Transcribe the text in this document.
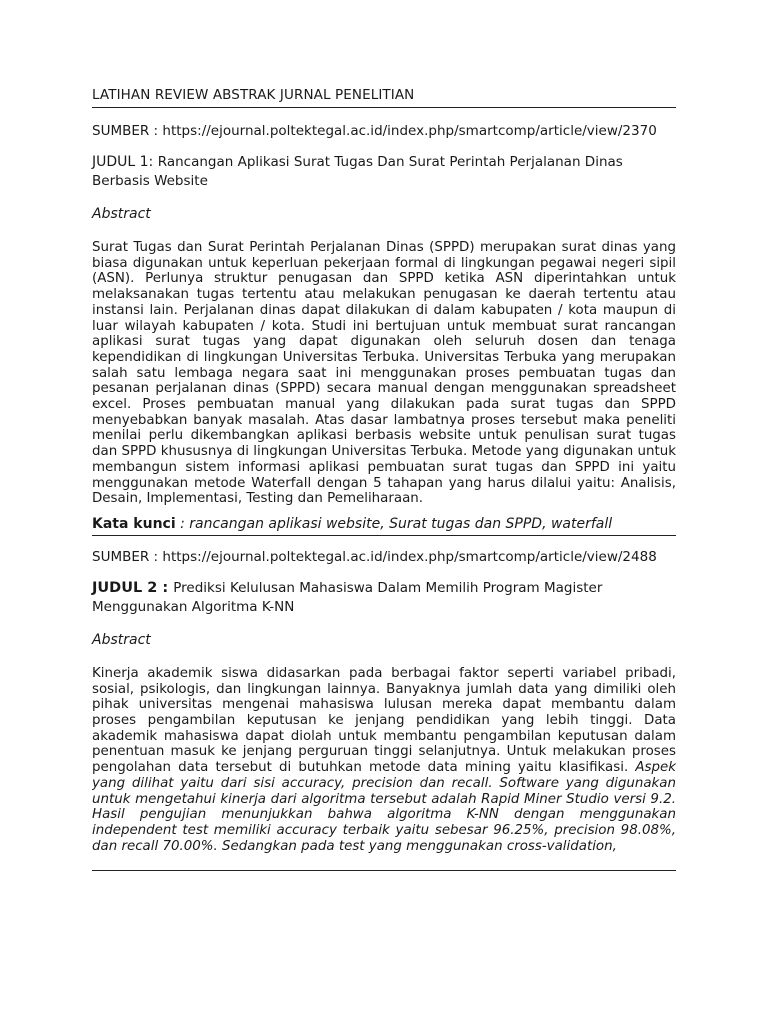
LATIHAN REVIEW ABSTRAK JURNAL PENELITIAN
SUMBER : https://ejournal.poltektegal.ac.id/index.php/smartcomp/article/view/2370
JUDUL 1: Rancangan Aplikasi Surat Tugas Dan Surat Perintah Perjalanan Dinas Berbasis Website
Abstract
Surat Tugas dan Surat Perintah Perjalanan Dinas (SPPD) merupakan surat dinas yang biasa digunakan untuk keperluan pekerjaan formal di lingkungan pegawai negeri sipil (ASN). Perlunya struktur penugasan dan SPPD ketika ASN diperintahkan untuk melaksanakan tugas tertentu atau melakukan penugasan ke daerah tertentu atau instansi lain. Perjalanan dinas dapat dilakukan di dalam kabupaten / kota maupun di luar wilayah kabupaten / kota. Studi ini bertujuan untuk membuat surat rancangan aplikasi surat tugas yang dapat digunakan oleh seluruh dosen dan tenaga kependidikan di lingkungan Universitas Terbuka. Universitas Terbuka yang merupakan salah satu lembaga negara saat ini menggunakan proses pembuatan tugas dan pesanan perjalanan dinas (SPPD) secara manual dengan menggunakan spreadsheet excel. Proses pembuatan manual yang dilakukan pada surat tugas dan SPPD menyebabkan banyak masalah. Atas dasar lambatnya proses tersebut maka peneliti menilai perlu dikembangkan aplikasi berbasis website untuk penulisan surat tugas dan SPPD khususnya di lingkungan Universitas Terbuka. Metode yang digunakan untuk membangun sistem informasi aplikasi pembuatan surat tugas dan SPPD ini yaitu menggunakan metode Waterfall dengan 5 tahapan yang harus dilalui yaitu: Analisis, Desain, Implementasi, Testing dan Pemeliharaan.
Kata kunci : rancangan aplikasi website, Surat tugas dan SPPD, waterfall
SUMBER : https://ejournal.poltektegal.ac.id/index.php/smartcomp/article/view/2488
JUDUL 2 : Prediksi Kelulusan Mahasiswa Dalam Memilih Program Magister Menggunakan Algoritma K-NN
Abstract
Kinerja akademik siswa didasarkan pada berbagai faktor seperti variabel pribadi, sosial, psikologis, dan lingkungan lainnya. Banyaknya jumlah data yang dimiliki oleh pihak universitas mengenai mahasiswa lulusan mereka dapat membantu dalam proses pengambilan keputusan ke jenjang pendidikan yang lebih tinggi. Data akademik mahasiswa dapat diolah untuk membantu pengambilan keputusan dalam penentuan masuk ke jenjang perguruan tinggi selanjutnya. Untuk melakukan proses pengolahan data tersebut di butuhkan metode data mining yaitu klasifikasi. Aspek yang dilihat yaitu dari sisi accuracy, precision dan recall. Software yang digunakan untuk mengetahui kinerja dari algoritma tersebut adalah Rapid Miner Studio versi 9.2. Hasil pengujian menunjukkan bahwa algoritma K-NN dengan menggunakan independent test memiliki accuracy terbaik yaitu sebesar 96.25%, precision 98.08%, dan recall 70.00%. Sedangkan pada test yang menggunakan cross-validation,
